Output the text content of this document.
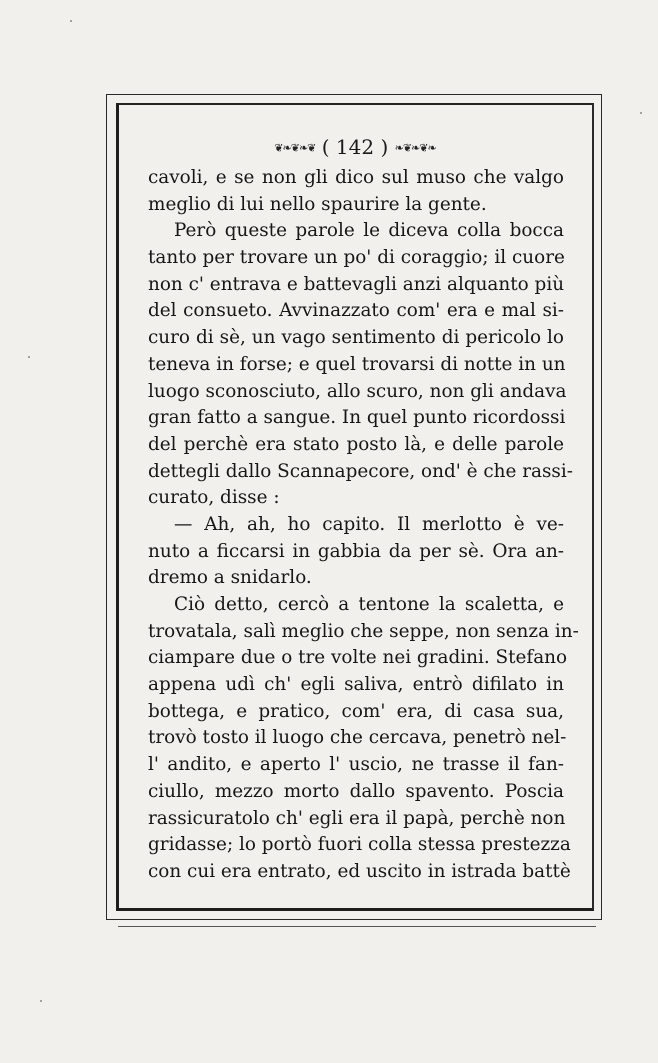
❦❧❦❧❦ ( 142 ) ❧❦❧❦❧
cavoli, e se non gli dico sul muso che valgo
meglio di lui nello spaurire la gente.
Però queste parole le diceva colla bocca
tanto per trovare un po' di coraggio; il cuore
non c' entrava e battevagli anzi alquanto più
del consueto. Avvinazzato com' era e mal si-
curo di sè, un vago sentimento di pericolo lo
teneva in forse; e quel trovarsi di notte in un
luogo sconosciuto, allo scuro, non gli andava
gran fatto a sangue. In quel punto ricordossi
del perchè era stato posto là, e delle parole
dettegli dallo Scannapecore, ond' è che rassi-
curato, disse :
— Ah, ah, ho capito. Il merlotto è ve-
nuto a ficcarsi in gabbia da per sè. Ora an-
dremo a snidarlo.
Ciò detto, cercò a tentone la scaletta, e
trovatala, salì meglio che seppe, non senza in-
ciampare due o tre volte nei gradini. Stefano
appena udì ch' egli saliva, entrò difilato in
bottega, e pratico, com' era, di casa sua,
trovò tosto il luogo che cercava, penetrò nel-
l' andito, e aperto l' uscio, ne trasse il fan-
ciullo, mezzo morto dallo spavento. Poscia
rassicuratolo ch' egli era il papà, perchè non
gridasse; lo portò fuori colla stessa prestezza
con cui era entrato, ed uscito in istrada battè
